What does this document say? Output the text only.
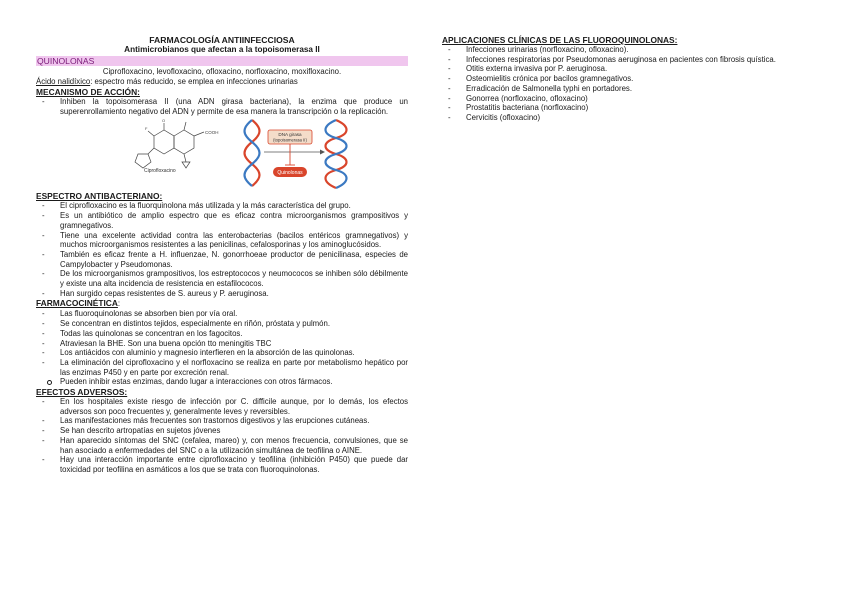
FARMACOLOGÍA ANTIINFECCIOSA
Antimicrobianos que afectan a la topoisomerasa II
QUINOLONAS
Ciprofloxacino, levofloxacino, ofloxacino, norfloxacino, moxifloxacino.
Ácido nalidíxico: espectro más reducido, se emplea en infecciones urinarias
MECANISMO DE ACCIÓN:
- Inhiben la topoisomerasa II (una ADN girasa bacteriana), la enzima que produce un superenrollamiento negativo del ADN y permite de esa manera la transcripción o la replicación.
COOH
F
O
DNA girasa
(topoisomerasa II)
Quinolonas
Ciprofloxacino
ESPECTRO ANTIBACTERIANO:
- El ciprofloxacino es la fluorquinolona más utilizada y la más característica del grupo.
- Es un antibiótico de amplio espectro que es eficaz contra microorganismos grampositivos y gramnegativos.
- Tiene una excelente actividad contra las enterobacterias (bacilos entéricos gramnegativos) y muchos microorganismos resistentes a las penicilinas, cefalosporinas y los aminoglucósidos.
- También es eficaz frente a H. influenzae, N. gonorrhoeae productor de penicilinasa, especies de Campylobacter y Pseudomonas.
- De los microorganismos grampositivos, los estreptococos y neumococos se inhiben sólo débilmente y existe una alta incidencia de resistencia en estafilococos.
- Han surgido cepas resistentes de S. aureus y P. aeruginosa.
FARMACOCINÉTICA:
- Las fluoroquinolonas se absorben bien por vía oral.
- Se concentran en distintos tejidos, especialmente en riñón, próstata y pulmón.
- Todas las quinolonas se concentran en los fagocitos.
- Atraviesan la BHE. Son una buena opción tto meningitis TBC
- Los antiácidos con aluminio y magnesio interfieren en la absorción de las quinolonas.
- La eliminación del ciprofloxacino y el norfloxacino se realiza en parte por metabolismo hepático por las enzimas P450 y en parte por excreción renal.
Pueden inhibir estas enzimas, dando lugar a interacciones con otros fármacos.
EFECTOS ADVERSOS:
- En los hospitales existe riesgo de infección por C. difficile aunque, por lo demás, los efectos adversos son poco frecuentes y, generalmente leves y reversibles.
- Las manifestaciones más frecuentes son trastornos digestivos y las erupciones cutáneas.
- Se han descrito artropatías en sujetos jóvenes
- Han aparecido síntomas del SNC (cefalea, mareo) y, con menos frecuencia, convulsiones, que se han asociado a enfermedades del SNC o a la utilización simultánea de teofilina o AINE.
- Hay una interacción importante entre ciprofloxacino y teofilina (inhibición P450) que puede dar toxicidad por teofilina en asmáticos a los que se trata con fluoroquinolonas.
APLICACIONES CLÍNICAS DE LAS FLUOROQUINOLONAS:
- Infecciones urinarias (norfloxacino, ofloxacino).
- Infecciones respiratorias por Pseudomonas aeruginosa en pacientes con fibrosis quística.
- Otitis externa invasiva por P. aeruginosa.
- Osteomielitis crónica por bacilos gramnegativos.
- Erradicación de Salmonella typhi en portadores.
- Gonorrea (norfloxacino, ofloxacino)
- Prostatitis bacteriana (norfloxacino)
- Cervicitis (ofloxacino)
